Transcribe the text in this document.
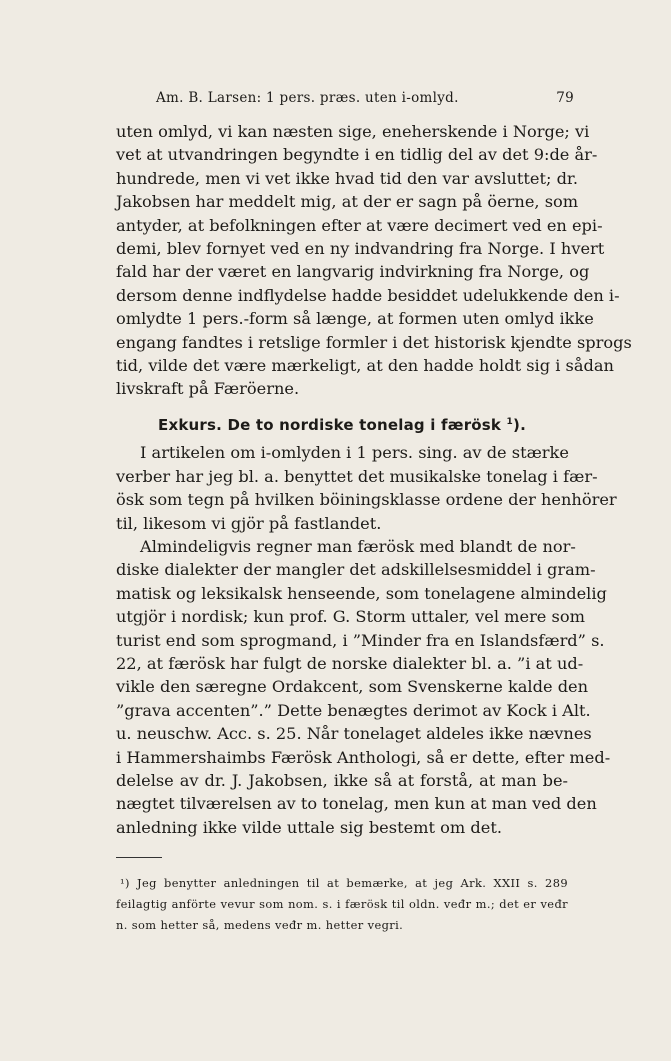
Am. B. Larsen: 1 pers. præs. uten i-omlyd.	79
uten omlyd, vi kan næsten sige, eneherskende i Norge; vi
vet at utvandringen begyndte i en tidlig del av det 9:de år-
hundrede, men vi vet ikke hvad tid den var avsluttet; dr.
Jakobsen har meddelt mig, at der er sagn på öerne, som
antyder, at befolkningen efter at være decimert ved en epi-
demi, blev fornyet ved en ny indvandring fra Norge. I hvert
fald har der været en langvarig indvirkning fra Norge, og
dersom denne indflydelse hadde besiddet udelukkende den i-
omlydte 1 pers.-form så længe, at formen uten omlyd ikke
engang fandtes i retslige formler i det historisk kjendte sprogs
tid, vilde det være mærkeligt, at den hadde holdt sig i sådan
livskraft på Færöerne.
Exkurs. De to nordiske tonelag i færösk $^1$).
I artikelen om i-omlyden i 1 pers. sing. av de stærke
verber har jeg bl. a. benyttet det musikalske tonelag i fær-
ösk som tegn på hvilken böiningsklasse ordene der henhörer
til, likesom vi gjör på fastlandet.
Almindeligvis regner man færösk med blandt de nor-
diske dialekter der mangler det adskillelsesmiddel i gram-
matisk og leksikalsk henseende, som tonelagene almindelig
utgjör i nordisk; kun prof. G. Storm uttaler, vel mere som
turist end som sprogmand, i ”Minder fra en Islandsfærd” s.
22, at færösk har fulgt de norske dialekter bl. a. ”i at ud-
vikle den særegne Ordakcent, som Svenskerne kalde den
”grava accenten”.” Dette benægtes derimot av Kock i Alt.
u. neuschw. Acc. s. 25. Når tonelaget aldeles ikke nævnes
i Hammershaimbs Færösk Anthologi, så er dette, efter med-
delelse av dr. J. Jakobsen, ikke så at forstå, at man be-
nægtet tilværelsen av to tonelag, men kun at man ved den
anledning ikke vilde uttale sig bestemt om det.
¹) Jeg benytter anledningen til at bemærke, at jeg Ark. XXII s. 289
feilagtig anförte vevur som nom. s. i færösk til oldn. veđr m.; det er veđr
n. som hetter så, medens veđr m. hetter vegri.
